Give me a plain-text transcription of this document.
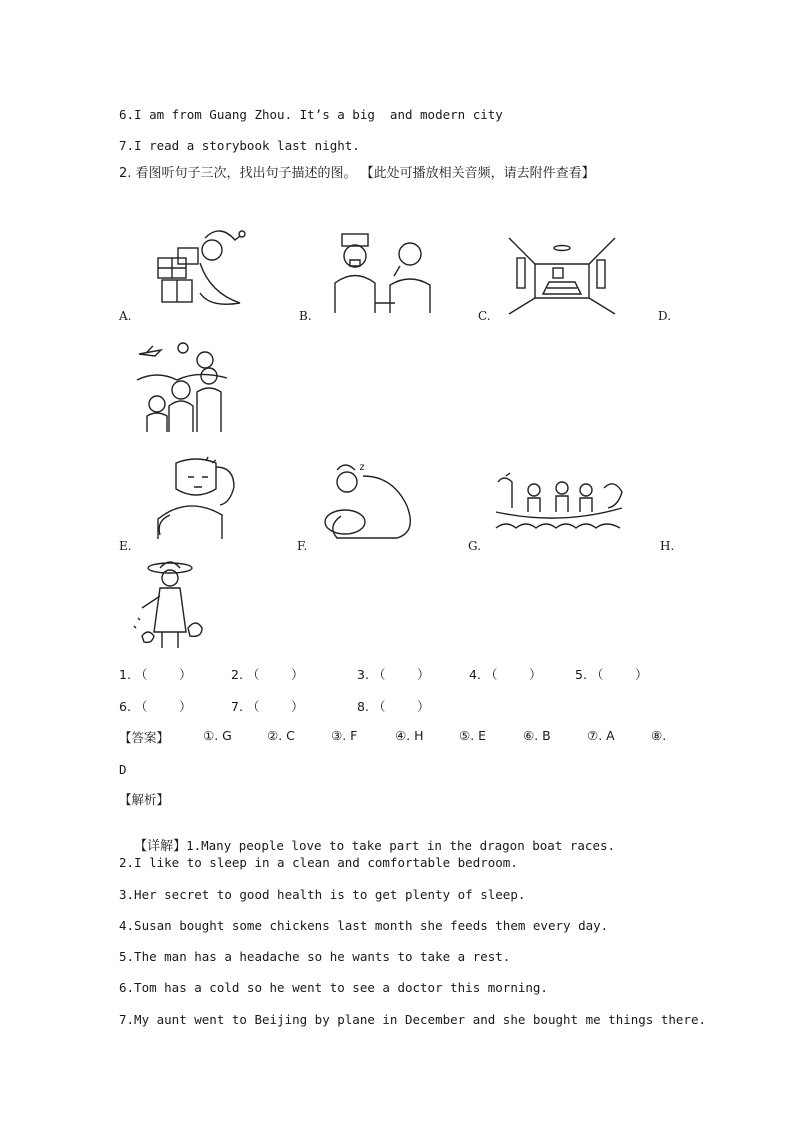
6.I am from Guang Zhou. It’s a big  and modern city
7.I read a storybook last night.
2. 看图听句子三次，找出句子描述的图。 【此处可播放相关音频，请去附件查看】
A.	B.	C.	D.
E.
z
F.	G.	H.
1. （        ）	2. （        ）	3. （        ）	4. （        ）	5. （        ）
6. （        ）	7. （        ）	8. （        ）
【答案】	①. G	②. C	③. F	④. H	⑤. E	⑥. B	⑦. A	⑧.
D
【解析】

【详解】1.Many people love to take part in the dragon boat races.

2.I like to sleep in a clean and comfortable bedroom.
3.Her secret to good health is to get plenty of sleep.
4.Susan bought some chickens last month she feeds them every day.
5.The man has a headache so he wants to take a rest.
6.Tom has a cold so he went to see a doctor this morning.
7.My aunt went to Beijing by plane in December and she bought me things there.
